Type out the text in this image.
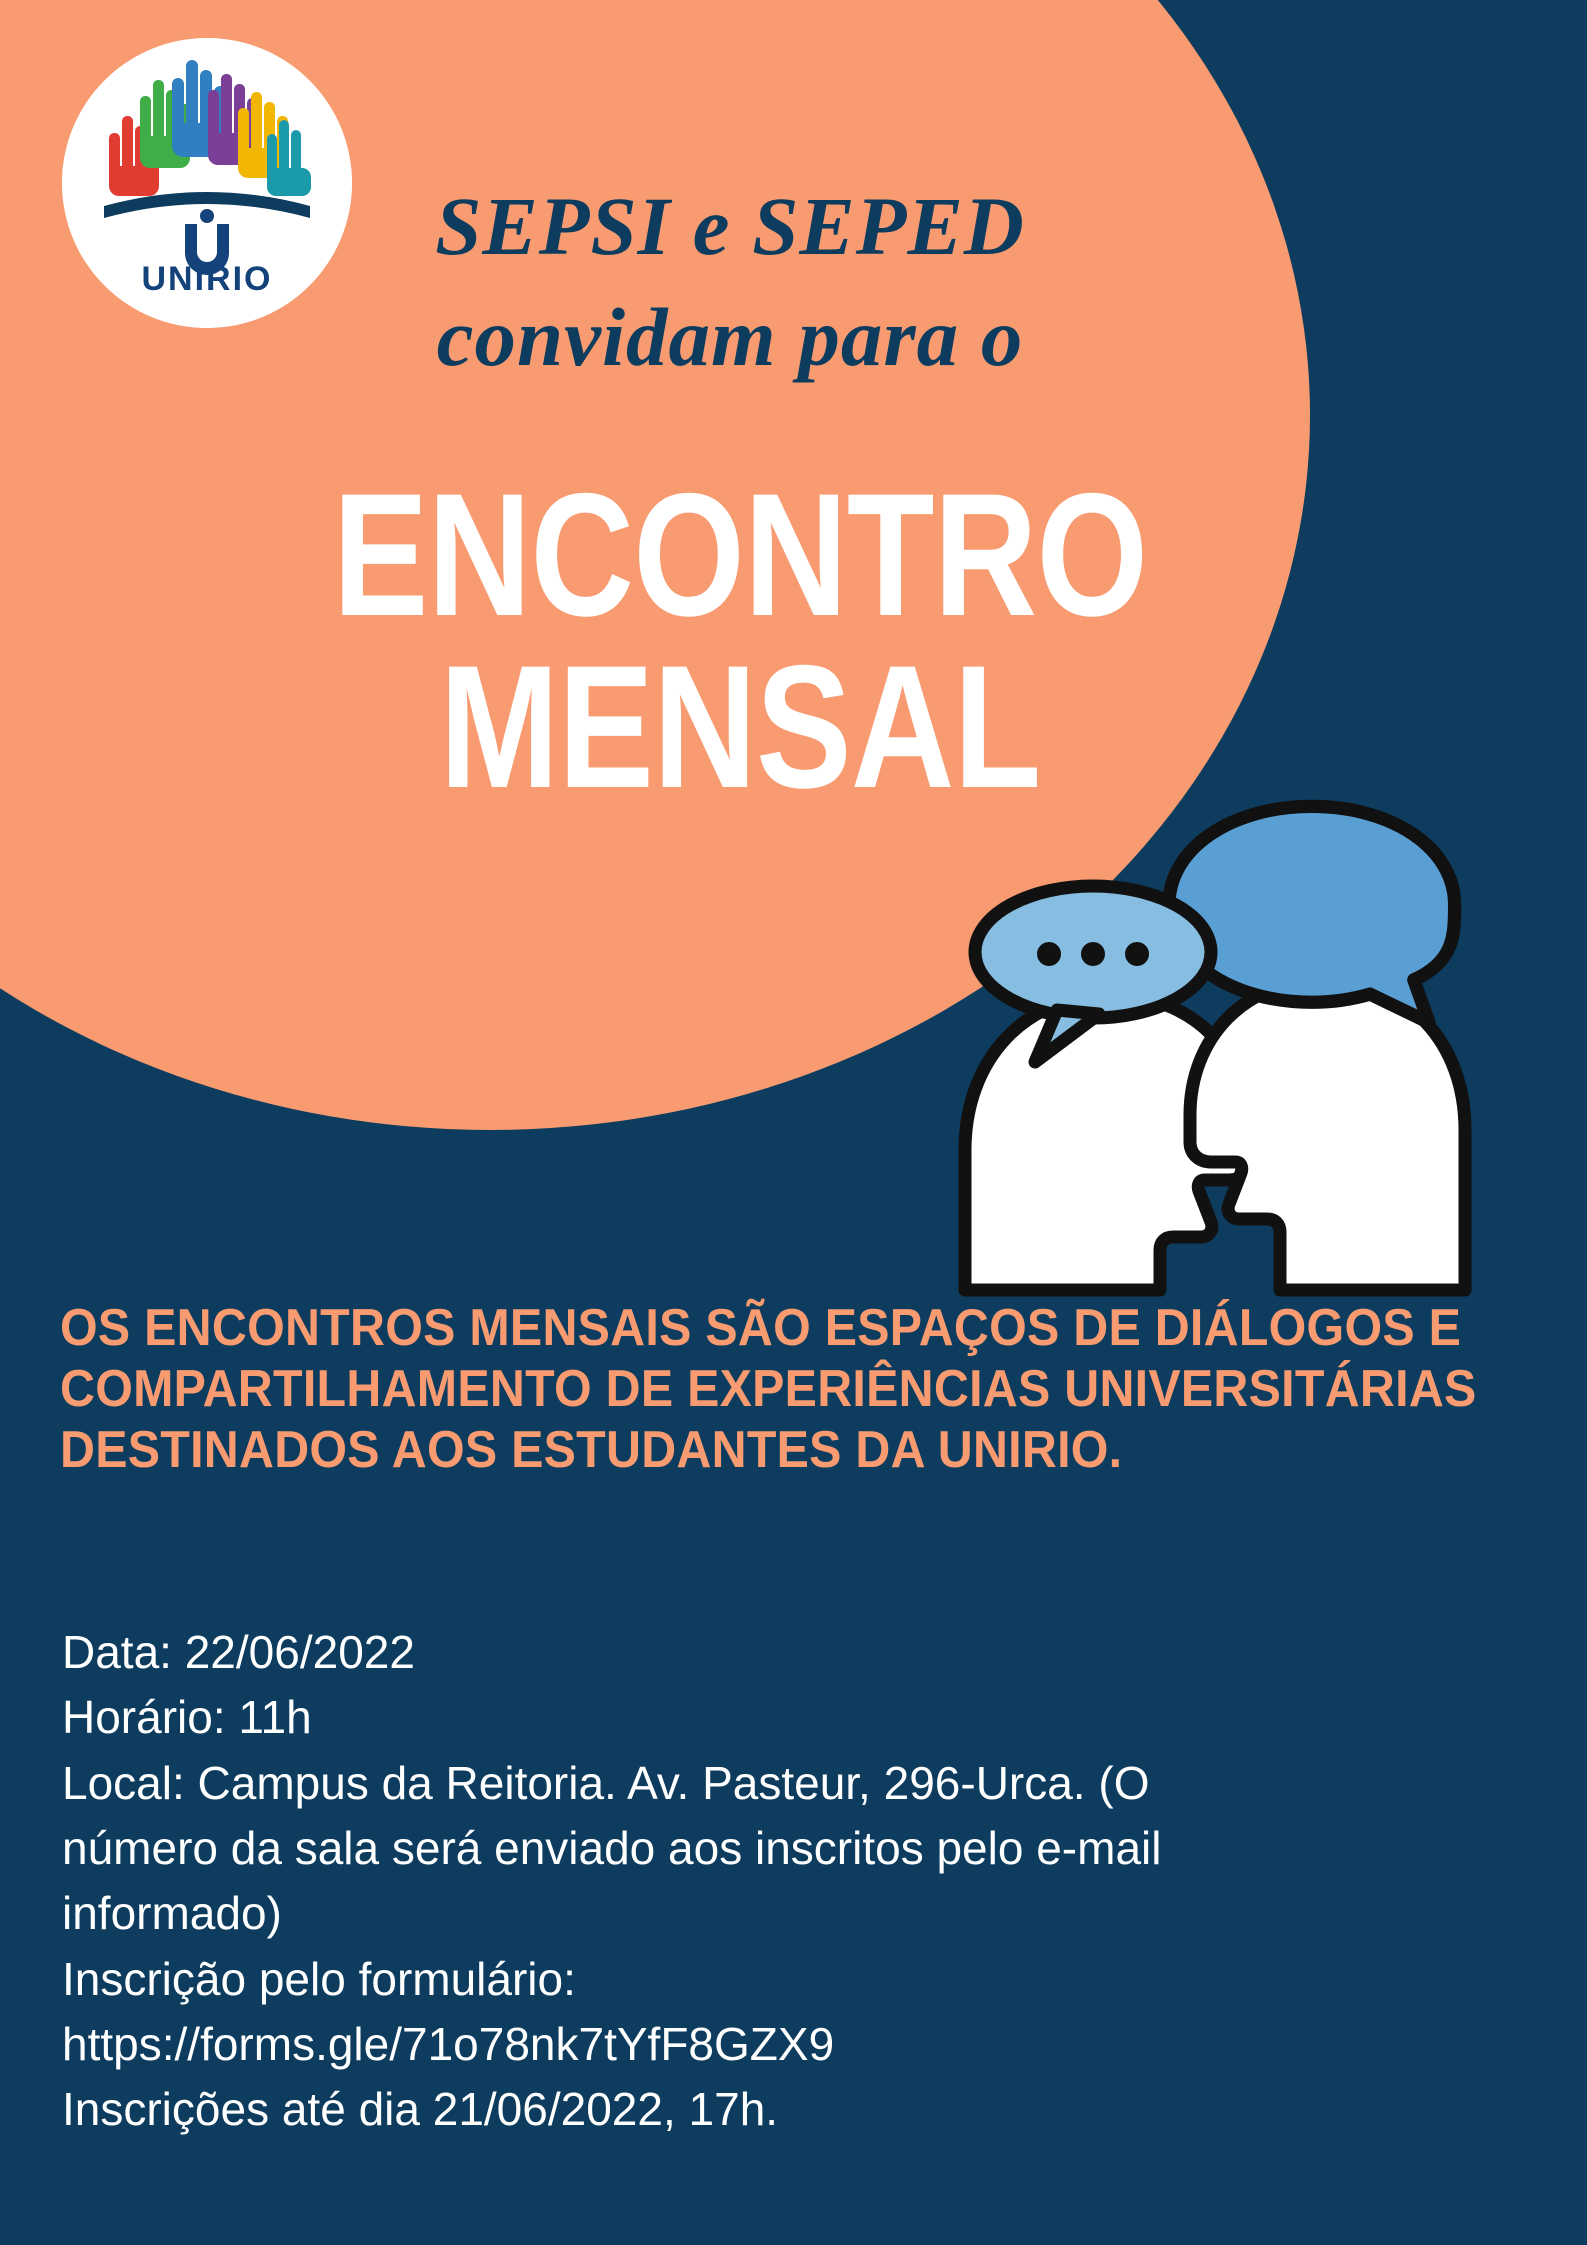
UNIRIO
SEPSI e SEPED
convidam para o
ENCONTRO
MENSAL
OS ENCONTROS MENSAIS SÃO ESPAÇOS DE DIÁLOGOS E
COMPARTILHAMENTO DE EXPERIÊNCIAS UNIVERSITÁRIAS
DESTINADOS AOS ESTUDANTES DA UNIRIO.

Data: 22/06/2022

Horário: 11h

Local: Campus da Reitoria. Av. Pasteur, 296-Urca. (O

número da sala será enviado aos inscritos pelo e-mail

informado)

Inscrição pelo formulário:

https://forms.gle/71o78nk7tYfF8GZX9

Inscrições até dia 21/06/2022, 17h.
